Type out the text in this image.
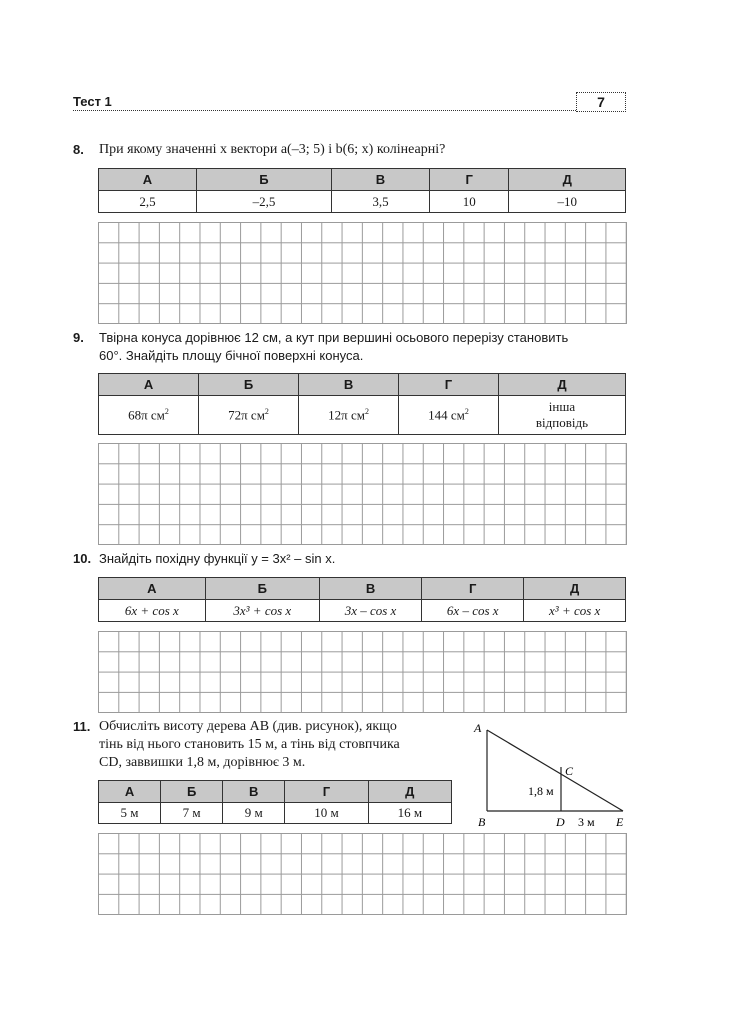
Тест 1	7
8. При якому значенні x вектори a(–3; 5) і b(6; x) колінеарні?
А	Б	В	Г	Д
2,5	–2,5	3,5	10	–10
9. Твірна конуса дорівнює 12 см, а кут при вершині осьового перерізу становить
60°. Знайдіть площу бічної поверхні конуса.
А	Б	В	Г	Д
68π $см^2$	72π $см^2$	12π $см^2$	144 $см^2$	інша
відповідь
10. Знайдіть похідну функції y = 3x² – sin x.
А	Б	В	Г	Д
6x + cos x	3x³ + cos x	3x – cos x	6x – cos x	x³ + cos x
11. Обчисліть висоту дерева AB (див. рисунок), якщо
тінь від нього становить 15 м, а тінь від стовпчика
CD, заввишки 1,8 м, дорівнює 3 м.
А	Б	В	Г	Д
5 м	7 м	9 м	10 м	16 м
A
B
C
D	E
1,8 м
3 м
